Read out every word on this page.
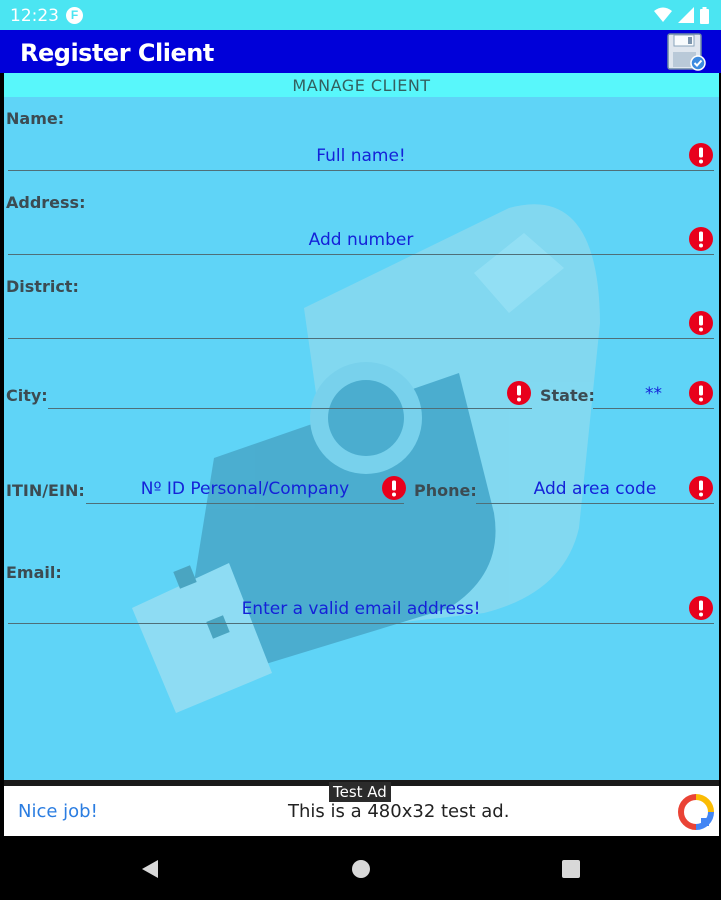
12:23 F
Register Client
MANAGE CLIENT
Name:
Full name!
Address:
Add number
District:
City:	State:	**
ITIN/EIN:	Nº ID Personal/Company	Phone:	Add area code
Email:
Enter a valid email address!
Test Ad
Nice job!	This is a 480x32 test ad.
